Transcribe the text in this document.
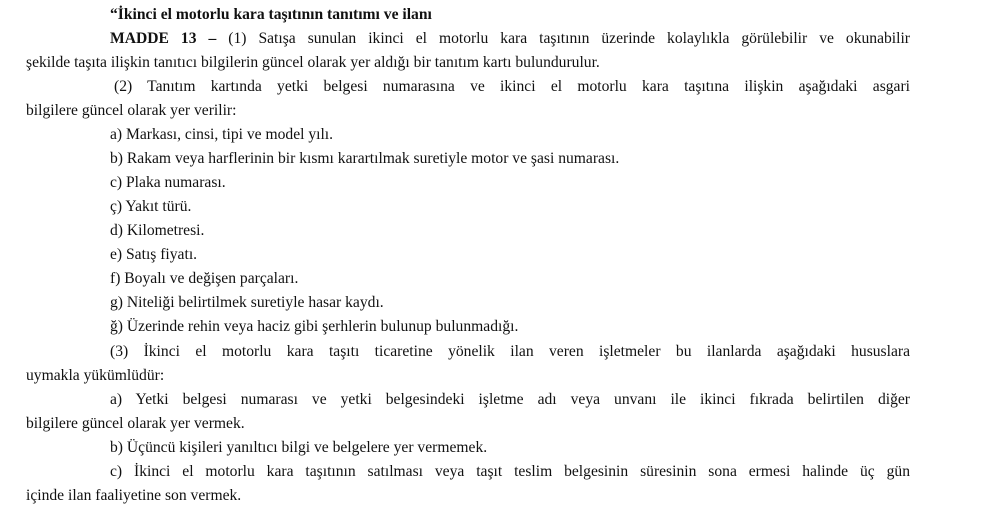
“İkinci el motorlu kara taşıtının tanıtımı ve ilanı
MADDE 13 – (1) Satışa sunulan ikinci el motorlu kara taşıtının üzerinde kolaylıkla görülebilir ve okunabilir
şekilde taşıta ilişkin tanıtıcı bilgilerin güncel olarak yer aldığı bir tanıtım kartı bulundurulur.
(2) Tanıtım kartında yetki belgesi numarasına ve ikinci el motorlu kara taşıtına ilişkin aşağıdaki asgari
bilgilere güncel olarak yer verilir:
a) Markası, cinsi, tipi ve model yılı.
b) Rakam veya harflerinin bir kısmı karartılmak suretiyle motor ve şasi numarası.
c) Plaka numarası.
ç) Yakıt türü.
d) Kilometresi.
e) Satış fiyatı.
f) Boyalı ve değişen parçaları.
g) Niteliği belirtilmek suretiyle hasar kaydı.
ğ) Üzerinde rehin veya haciz gibi şerhlerin bulunup bulunmadığı.
(3) İkinci el motorlu kara taşıtı ticaretine yönelik ilan veren işletmeler bu ilanlarda aşağıdaki hususlara
uymakla yükümlüdür:
a) Yetki belgesi numarası ve yetki belgesindeki işletme adı veya unvanı ile ikinci fıkrada belirtilen diğer
bilgilere güncel olarak yer vermek.
b) Üçüncü kişileri yanıltıcı bilgi ve belgelere yer vermemek.
c) İkinci el motorlu kara taşıtının satılması veya taşıt teslim belgesinin süresinin sona ermesi halinde üç gün
içinde ilan faaliyetine son vermek.
